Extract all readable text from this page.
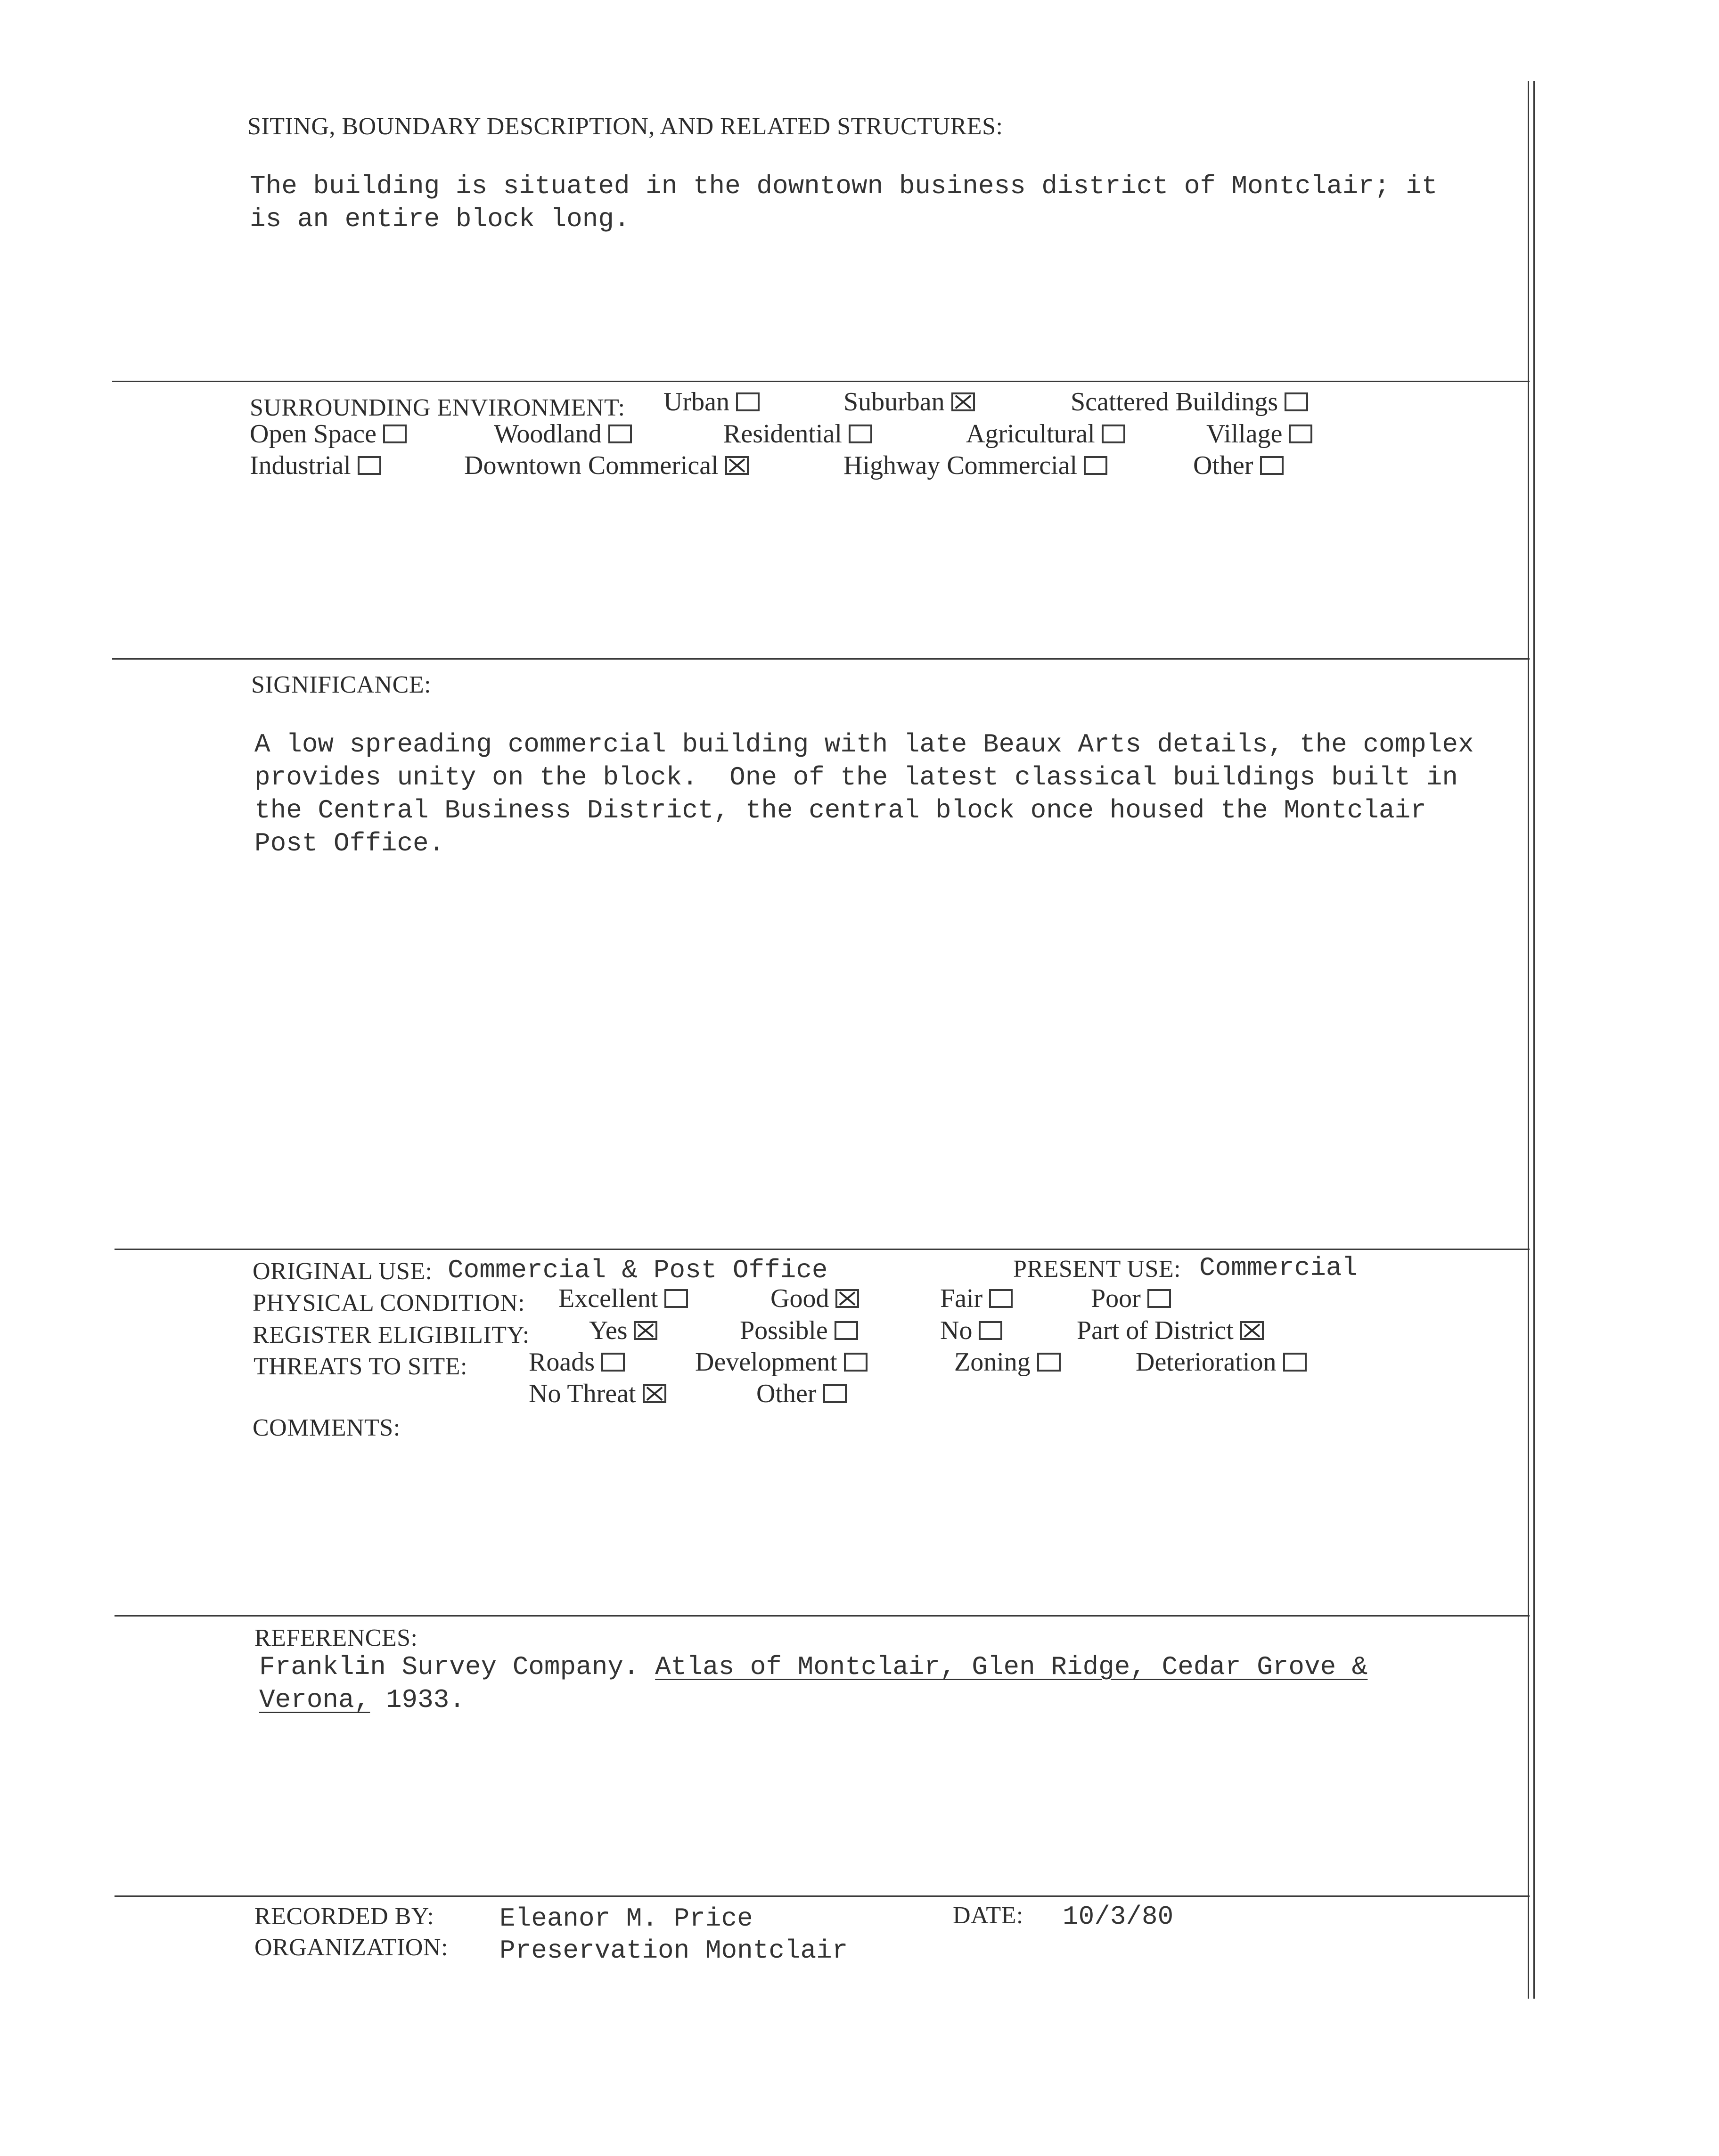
SITING, BOUNDARY DESCRIPTION, AND RELATED STRUCTURES:
The building is situated in the downtown business district of Montclair; it
is an entire block long.
SURROUNDING ENVIRONMENT: Urban	Suburban	Scattered Buildings
Open Space	Woodland	Residential	Agricultural	Village
Industrial	Downtown Commerical	Highway Commercial	Other
SIGNIFICANCE:
A low spreading commercial building with late Beaux Arts details, the complex
provides unity on the block.  One of the latest classical buildings built in
the Central Business District, the central block once housed the Montclair
Post Office.
ORIGINAL USE: Commercial & Post Office	PRESENT USE: Commercial
PHYSICAL CONDITION: Excellent	Good	Fair	Poor
REGISTER ELIGIBILITY: Yes	Possible	No	Part of District
THREATS TO SITE: Roads	Development	Zoning	Deterioration
No Threat	Other
COMMENTS:
REFERENCES:
Franklin Survey Company. Atlas of Montclair, Glen Ridge, Cedar Grove &
Verona, 1933.
RECORDED BY: Eleanor M. Price
ORGANIZATION: Preservation Montclair
DATE: 10/3/80
